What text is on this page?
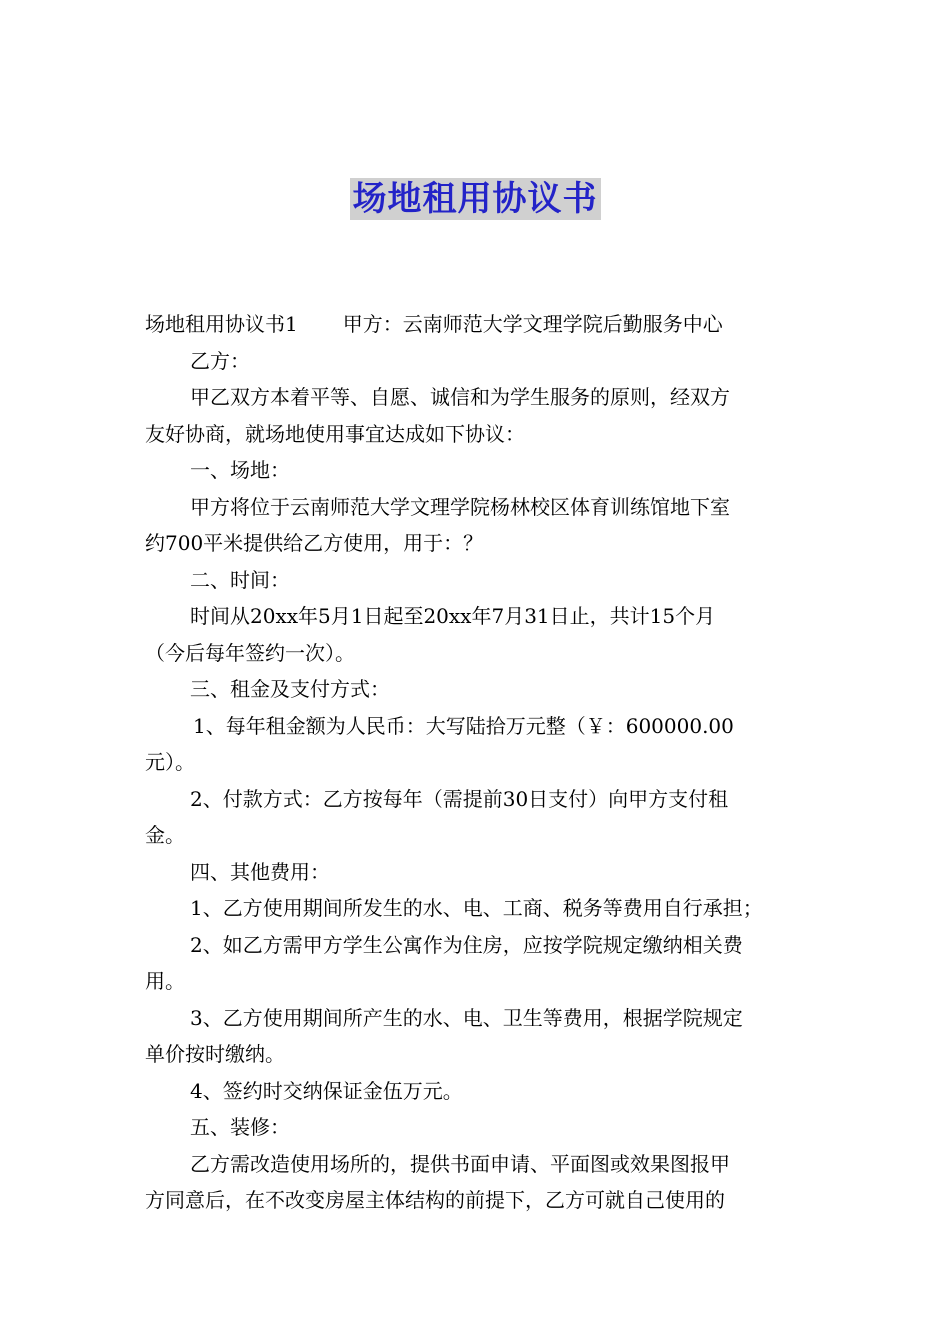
场地租用协议书
场地租用协议书1 甲方：云南师范大学文理学院后勤服务中心
乙方：
甲乙双方本着平等、自愿、诚信和为学生服务的原则，经双方
友好协商，就场地使用事宜达成如下协议：
一、场地：
甲方将位于云南师范大学文理学院杨林校区体育训练馆地下室
约700平米提供给乙方使用，用于：？
二、时间：
时间从20xx年5月1日起至20xx年7月31日止，共计15个月
（今后每年签约一次）。
三、租金及支付方式：
1、每年租金额为人民币：大写陆拾万元整（￥：600000.00
元）。
2、付款方式：乙方按每年（需提前30日支付）向甲方支付租
金。
四、其他费用：
1、乙方使用期间所发生的水、电、工商、税务等费用自行承担；
2、如乙方需甲方学生公寓作为住房，应按学院规定缴纳相关费
用。
3、乙方使用期间所产生的水、电、卫生等费用，根据学院规定
单价按时缴纳。
4、签约时交纳保证金伍万元。
五、装修：
乙方需改造使用场所的，提供书面申请、平面图或效果图报甲
方同意后，在不改变房屋主体结构的前提下，乙方可就自己使用的
